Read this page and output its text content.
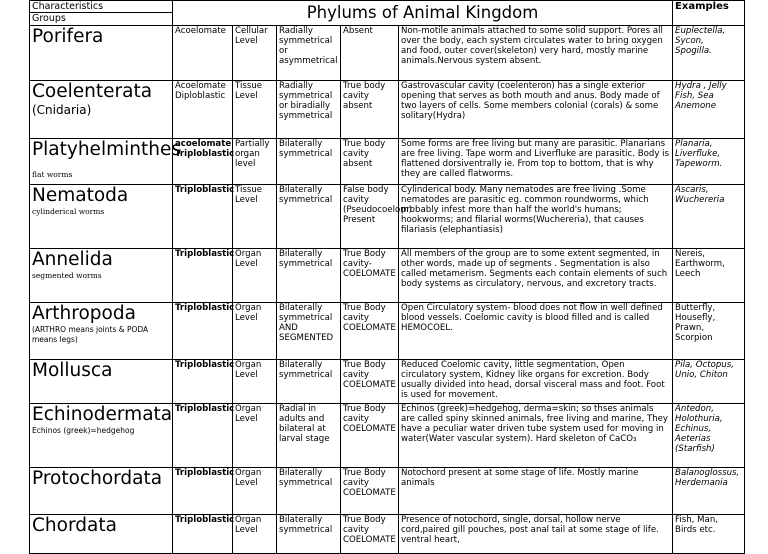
Characteristics	Phylums of Animal Kingdom					Examples
Groups						
Porifera	Acoelomate	Cellular Level	Radially symmetrical or asymmetrical	Absent	Non-motile animals attached to some solid support. Pores all over the body, each system circulates water to bring oxygen and food, outer cover(skeleton) very hard, mostly marine animals.Nervous system absent.	Euplectella, Sycon, Spogilla.
Coelenterata
(Cnidaria)	Acoelomate Diploblastic	Tissue Level	Radially symmetrical or biradially symmetrical	True body cavity absent	Gastrovascular cavity (coelenteron) has a single exterior opening that serves as both mouth and anus. Body made of two layers of cells. Some members colonial (corals) & some solitary(Hydra)	Hydra , Jelly Fish, Sea Anemone
Platyhelminthes flat worms	acoelomate Triploblastic	Partially organ level	Bilaterally symmetrical	True body cavity absent	Some forms are free living but many are parasitic. Planarians are free living. Tape worm and Liverfluke are parasitic. Body is flattened dorsiventrally ie. From top to bottom, that is why they are called flatworms.	Planaria, Liverfluke, Tapeworm.
Nematoda
cylinderical worms	Triploblastic	Tissue Level	Bilaterally symmetrical	False body cavity (Pseudocoelom) Present	Cylinderical body. Many nematodes are free living .Some nematodes are parasitic eg. common roundworms, which probably infest more than half the world's humans; hookworms; and filarial worms(Wuchereria), that causes filariasis (elephantiasis)	Ascaris, Wuchereria
Annelida
segmented worms	Triploblastic	Organ Level	Bilaterally symmetrical	True Body cavity-COELOMATE	All members of the group are to some extent segmented, in other words, made up of segments . Segmentation is also called metamerism. Segments each contain elements of such body systems as circulatory, nervous, and excretory tracts.	Nereis, Earthworm, Leech
Arthropoda
(ARTHRO means joints & PODA means legs)	Triploblastic	Organ Level	Bilaterally symmetrical AND SEGMENTED	True Body cavity COELOMATE	Open Circulatory system- blood does not flow in well defined blood vessels. Coelomic cavity is blood filled and is called HEMOCOEL.	Butterfly, Housefly, Prawn, Scorpion
Mollusca	Triploblastic	Organ Level	Bilaterally symmetrical	True Body cavity COELOMATE	Reduced Coelomic cavity, little segmentation, Open circulatory system, Kidney like organs for excretion. Body usually divided into head, dorsal visceral mass and foot. Foot is used for movement.	Pila, Octopus, Unio, Chiton
Echinodermata
Echinos (greek)=hedgehog	Triploblastic	Organ Level	Radial in adults and bilateral at larval stage	True Body cavity COELOMATE	Echinos (greek)=hedgehog, derma=skin; so thses animals are called spiny skinned animals, free living and marine, They have a peculiar water driven tube system used for moving in water(Water vascular system). Hard skeleton of CaCO₃	Antedon, Holothuria, Echinus, Aeterias (Starfish)
Protochordata	Triploblastic	Organ Level	Bilaterally symmetrical	True Body cavity COELOMATE	Notochord present at some stage of life. Mostly marine animals	Balanoglossus, Herdemania
Chordata	Triploblastic	Organ Level	Bilaterally symmetrical	True Body cavity COELOMATE	Presence of notochord, single, dorsal, hollow nerve cord,paired gill pouches, post anal tail at some stage of life. ventral heart,	Fish, Man, Birds etc.
